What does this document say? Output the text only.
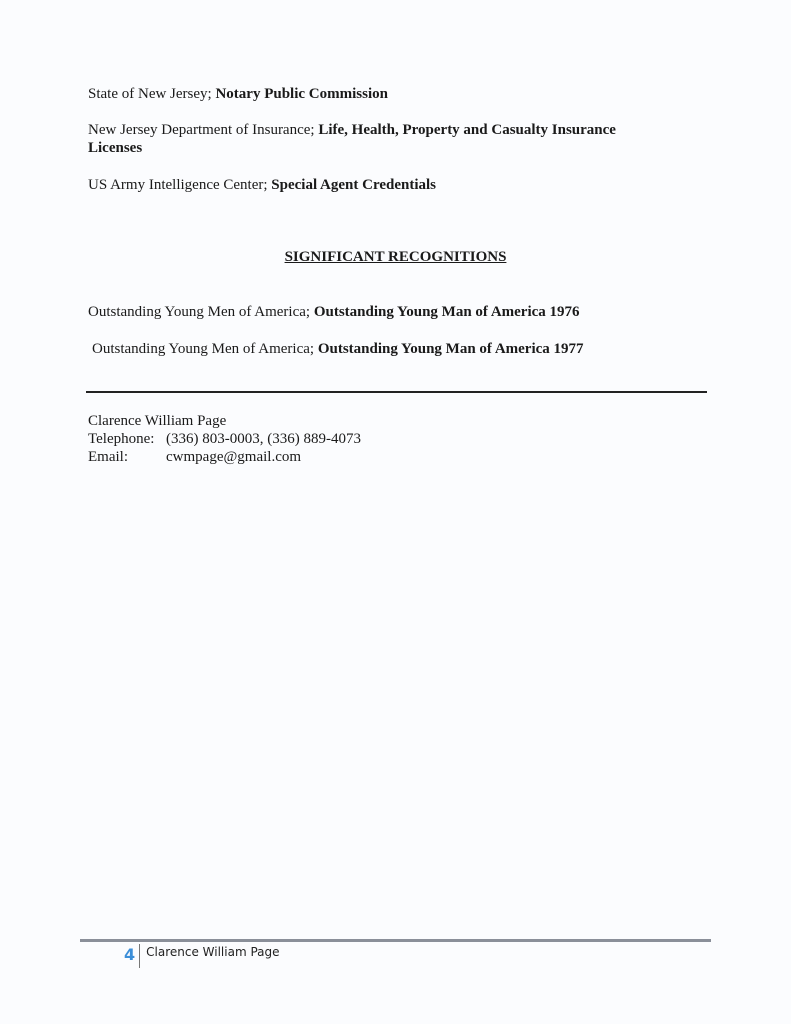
State of New Jersey; Notary Public Commission
New Jersey Department of Insurance; Life, Health, Property and Casualty Insurance Licenses
US Army Intelligence Center; Special Agent Credentials
SIGNIFICANT RECOGNITIONS
Outstanding Young Men of America; Outstanding Young Man of America 1976
Outstanding Young Men of America; Outstanding Young Man of America 1977
Clarence William Page
Telephone: (336) 803-0003, (336) 889-4073
Email:	cwmpage@gmail.com
4 Clarence William Page
